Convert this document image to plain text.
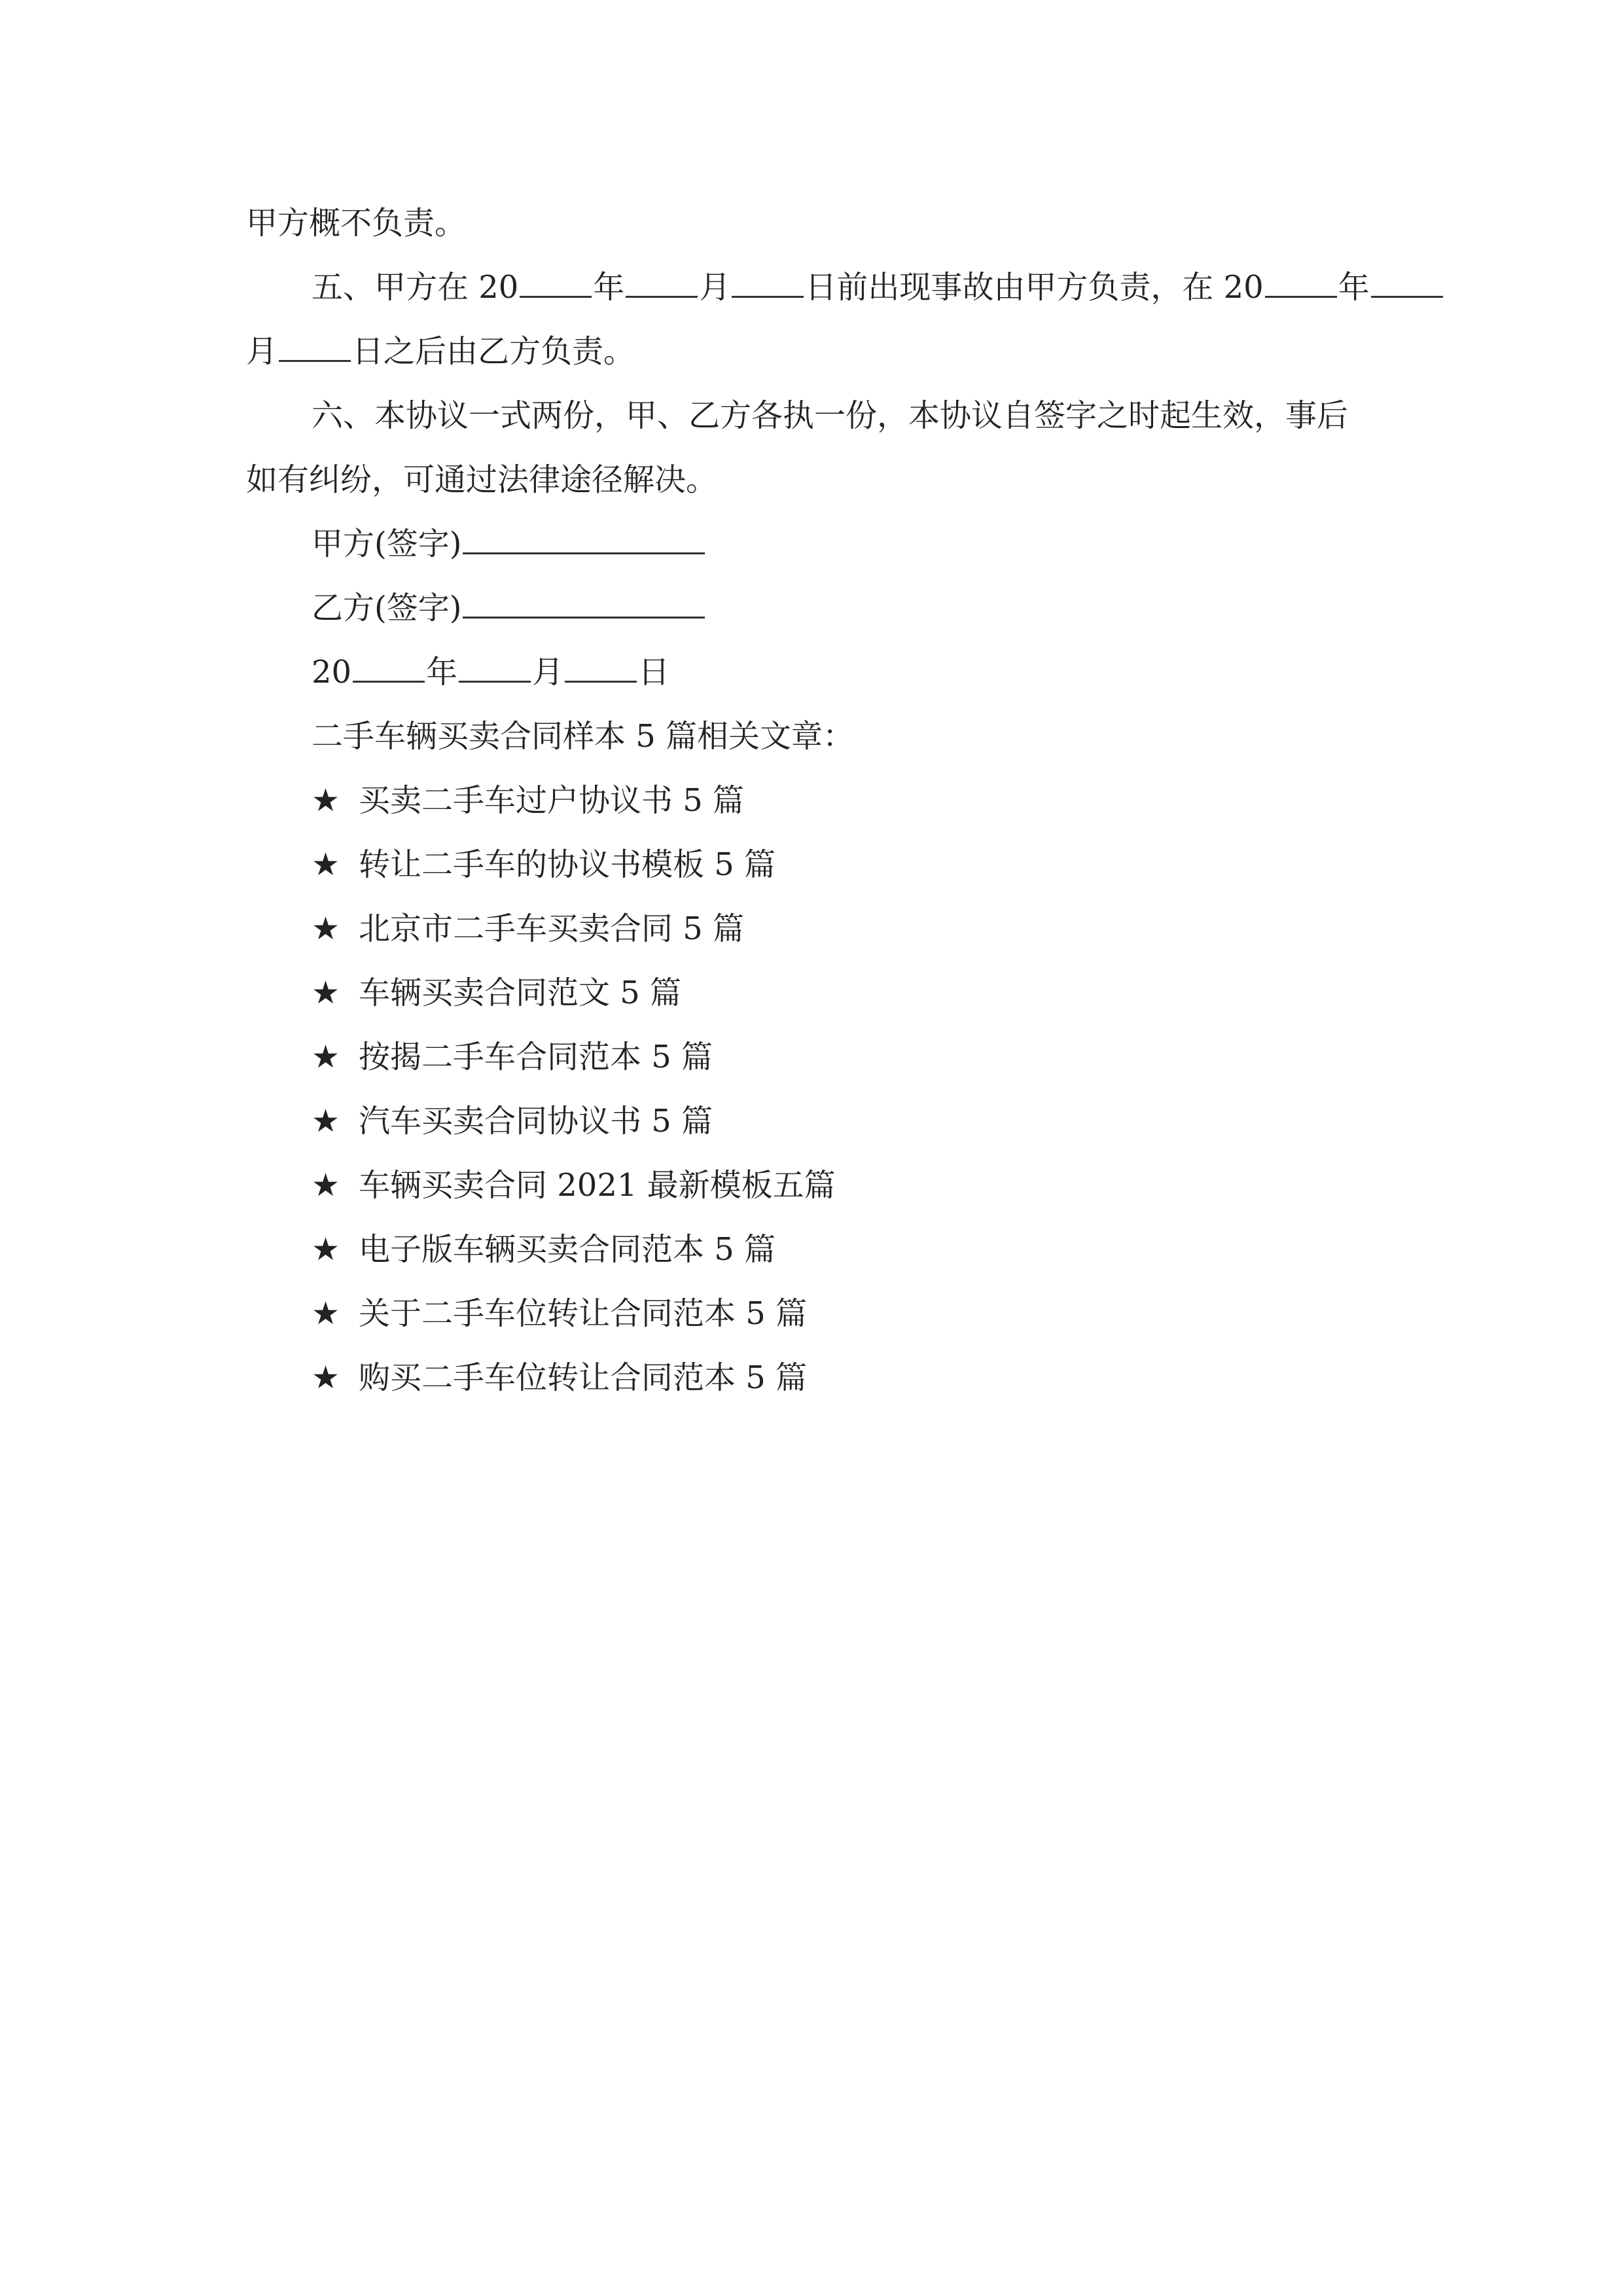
甲方概不负责。
五、甲方在 20 年 月 日前出现事故由甲方负责，在 20 年
月 日之后由乙方负责。
六、本协议一式两份，甲、乙方各执一份，本协议自签字之时起生效，事后
如有纠纷，可通过法律途径解决。
甲方(签字)
乙方(签字)
20 年 月 日
二手车辆买卖合同样本 5 篇相关文章：
★ 买卖二手车过户协议书 5 篇
★ 转让二手车的协议书模板 5 篇
★ 北京市二手车买卖合同 5 篇
★ 车辆买卖合同范文 5 篇
★ 按揭二手车合同范本 5 篇
★ 汽车买卖合同协议书 5 篇
★ 车辆买卖合同 2021 最新模板五篇
★ 电子版车辆买卖合同范本 5 篇
★ 关于二手车位转让合同范本 5 篇
★ 购买二手车位转让合同范本 5 篇
